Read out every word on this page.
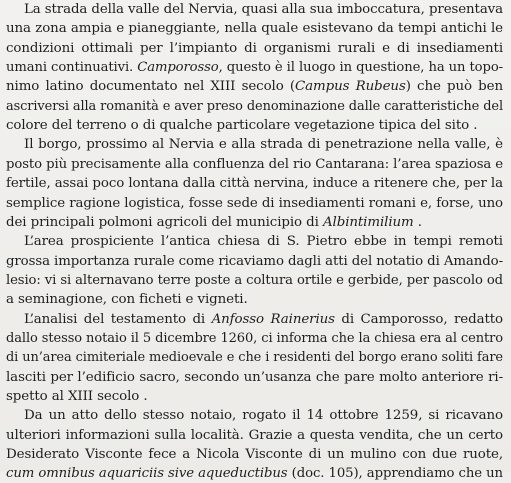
La strada della valle del Nervia, quasi alla sua imboccatura, presentava
una zona ampia e pianeggiante, nella quale esistevano da tempi antichi le
condizioni ottimali per l’impianto di organismi rurali e di insediamenti
umani continuativi. Camporosso, questo è il luogo in questione, ha un topo-
nimo latino documentato nel XIII secolo (Campus Rubeus) che può ben
ascriversi alla romanità e aver preso denominazione dalle caratteristiche del
colore del terreno o di qualche particolare vegetazione tipica del sito .
Il borgo, prossimo al Nervia e alla strada di penetrazione nella valle, è
posto più precisamente alla confluenza del rio Cantarana: l’area spaziosa e
fertile, assai poco lontana dalla città nervina, induce a ritenere che, per la
semplice ragione logistica, fosse sede di insediamenti romani e, forse, uno
dei principali polmoni agricoli del municipio di Albintimilium .
L’area prospiciente l’antica chiesa di S. Pietro ebbe in tempi remoti
grossa importanza rurale come ricaviamo dagli atti del notatio di Amando-
lesio: vi si alternavano terre poste a coltura ortile e gerbide, per pascolo od
a seminagione, con ficheti e vigneti.
L’analisi del testamento di Anfosso Rainerius di Camporosso, redatto
dallo stesso notaio il 5 dicembre 1260, ci informa che la chiesa era al centro
di un’area cimiteriale medioevale e che i residenti del borgo erano soliti fare
lasciti per l’edificio sacro, secondo un’usanza che pare molto anteriore ri-
spetto al XIII secolo .
Da un atto dello stesso notaio, rogato il 14 ottobre 1259, si ricavano
ulteriori informazioni sulla località. Grazie a questa vendita, che un certo
Desiderato Visconte fece a Nicola Visconte di un mulino con due ruote,
cum omnibus aquariciis sive aqueductibus (doc. 105), apprendiamo che un
